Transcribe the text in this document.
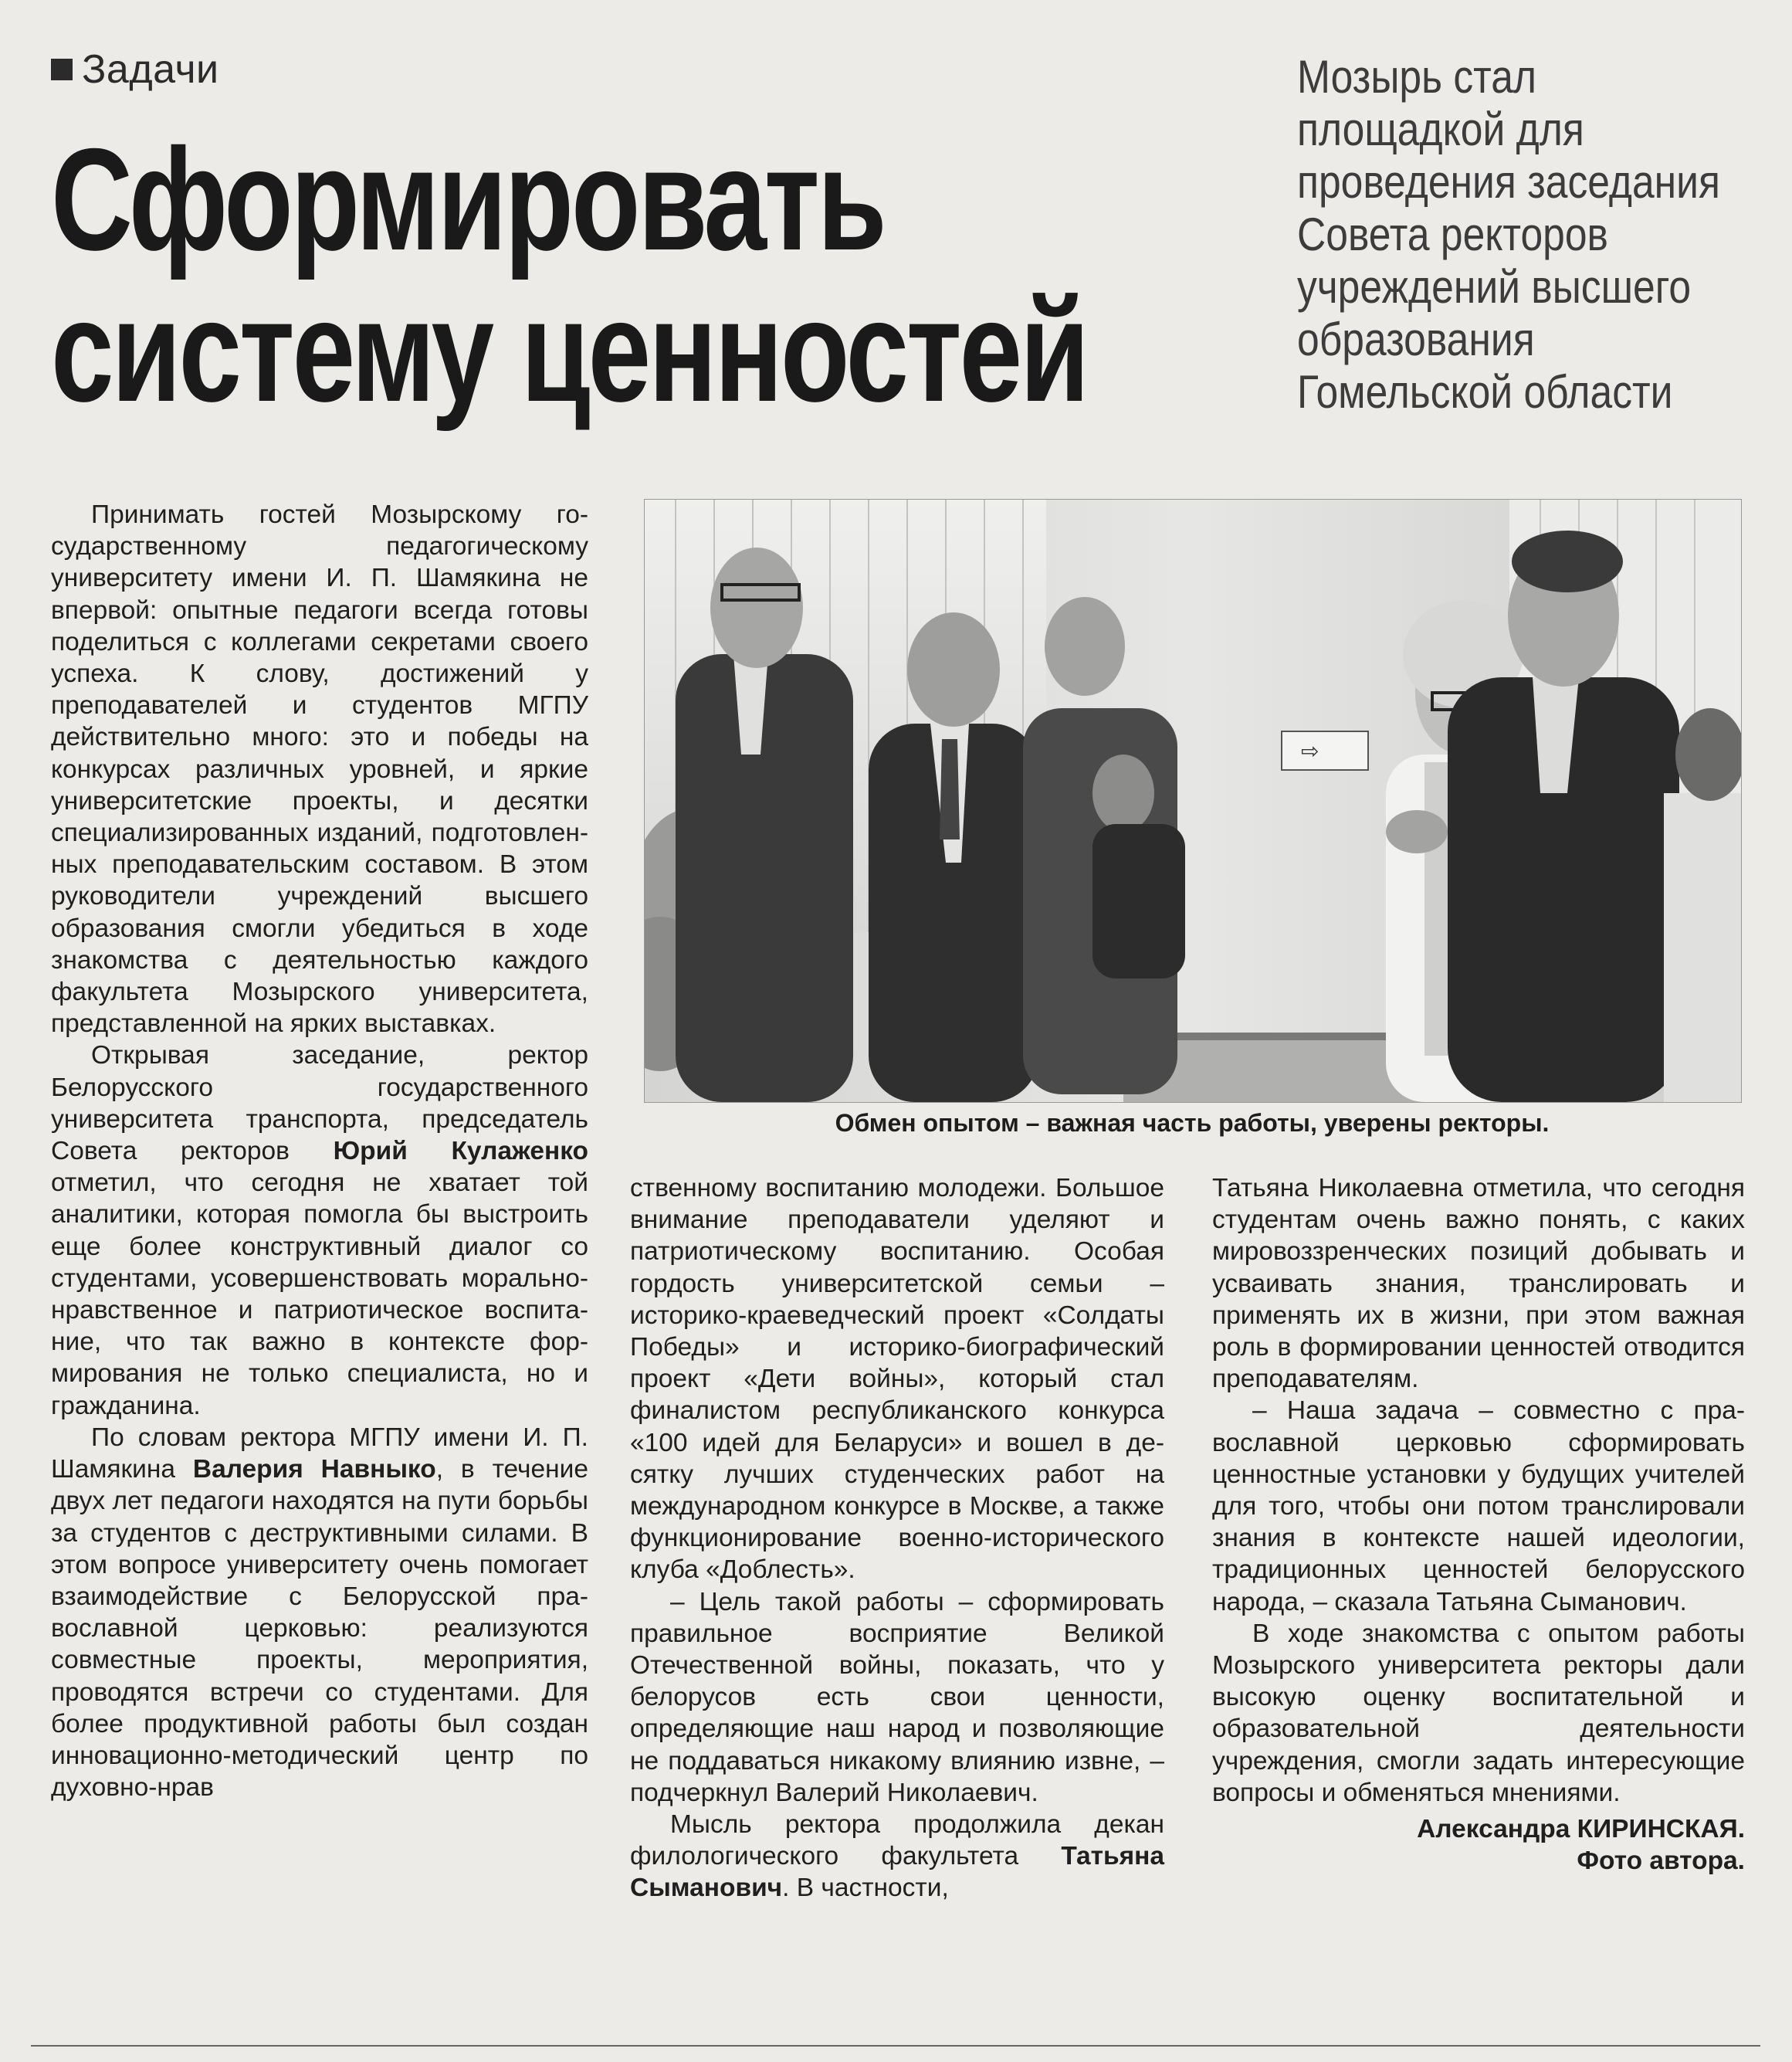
Задачи
Сформировать
систему ценностей
Мозырь стал
площадкой для
проведения заседания
Совета ректоров
учреждений высшего
образования
Гомельской области
⇨
Обмен опытом – важная часть работы, уверены ректоры.

Принимать гостей Мозырскому государственному педагогическому университету имени И. П. Шамякина не впервой: опытные педагоги всегда готовы поделиться с коллегами секретами своего успеха. К слову, достижений у преподавателей и студентов МГПУ действительно много: это и победы на конкурсах различных уровней, и яркие университетские проекты, и десятки специализированных изданий, подготовленных преподавательским составом. В этом руководители учреждений высшего образования смогли убедиться в ходе знакомства с деятельностью каждого факультета Мозырского университета, представленной на ярких выставках.

Открывая заседание, ректор Белорусского государственного университета транспорта, председатель Совета ректоров Юрий Кулаженко отметил, что сегодня не хватает той аналитики, которая помогла бы выстроить еще более конструктивный диалог со студентами, усовершенствовать морально-нравственное и патриотическое воспитание, что так важно в контексте формирования не только специалиста, но и гражданина.

По словам ректора МГПУ имени И. П. Шамякина Валерия Навныко, в течение двух лет педагоги находятся на пути борьбы за студентов с деструктивными силами. В этом вопросе университету очень помогает взаимодействие с Белорусской православной церковью: реализуются совместные проекты, мероприятия, проводятся встречи со студентами. Для более продуктивной работы был создан инновационно-методический центр по духовно-нрав

ственному воспитанию молодежи. Большое внимание преподаватели уделяют и патриотическому воспитанию. Особая гордость университетской семьи – историко-краеведческий проект «Солдаты Победы» и историко-биографический проект «Дети войны», который стал финалистом республиканского конкурса «100 идей для Беларуси» и вошел в десятку лучших студенческих работ на международном конкурсе в Москве, а также функционирование военно-исторического клуба «Доблесть».

– Цель такой работы – сформировать правильное восприятие Великой Отечественной войны, показать, что у белорусов есть свои ценности, определяющие наш народ и позволяющие не поддаваться никакому влиянию извне, – подчеркнул Валерий Николаевич.

Мысль ректора продолжила декан филологического факультета Татьяна Сыманович. В частности,

Татьяна Николаевна отметила, что сегодня студентам очень важно понять, с каких мировоззренческих позиций добывать и усваивать знания, транслировать и применять их в жизни, при этом важная роль в формировании ценностей отводится преподавателям.

– Наша задача – совместно с православной церковью сформировать ценностные установки у будущих учителей для того, чтобы они потом транслировали знания в контексте нашей идеологии, традиционных ценностей белорусского народа, – сказала Татьяна Сыманович.

В ходе знакомства с опытом работы Мозырского университета ректоры дали высокую оценку воспитательной и образовательной деятельности учреждения, смогли задать интересующие вопросы и обменяться мнениями.

Александра КИРИНСКАЯ.
Фото автора.
